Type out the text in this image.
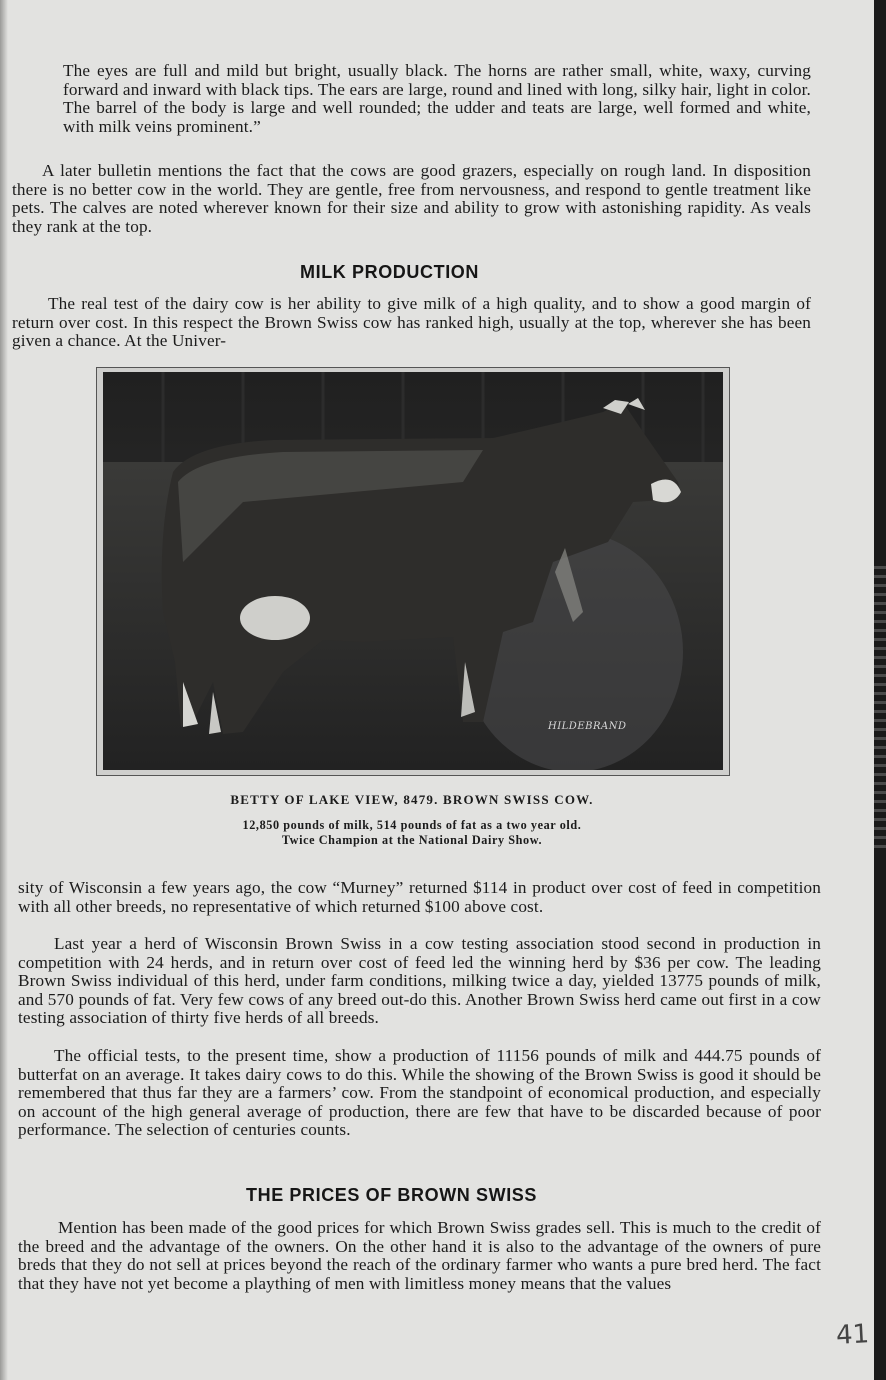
The eyes are full and mild but bright, usually black. The horns are rather small, white, waxy, curving forward and inward with black tips. The ears are large, round and lined with long, silky hair, light in color. The barrel of the body is large and well rounded; the udder and teats are large, well formed and white, with milk veins prominent.”

A later bulletin mentions the fact that the cows are good grazers, especially on rough land. In disposition there is no better cow in the world. They are gentle, free from nervousness, and respond to gentle treatment like pets. The calves are noted wherever known for their size and ability to grow with astonishing rapidity. As veals they rank at the top.

MILK PRODUCTION

The real test of the dairy cow is her ability to give milk of a high quality, and to show a good margin of return over cost. In this respect the Brown Swiss cow has ranked high, usually at the top, wherever she has been given a chance. At the Univer-

HILDEBRAND

BETTY OF LAKE VIEW, 8479. BROWN SWISS COW.

12,850 pounds of milk, 514 pounds of fat as a two year old.

Twice Champion at the National Dairy Show.

sity of Wisconsin a few years ago, the cow “Murney” returned $114 in product over cost of feed in competition with all other breeds, no representative of which returned $100 above cost.

Last year a herd of Wisconsin Brown Swiss in a cow testing association stood second in production in competition with 24 herds, and in return over cost of feed led the winning herd by $36 per cow. The leading Brown Swiss individual of this herd, under farm conditions, milking twice a day, yielded 13775 pounds of milk, and 570 pounds of fat. Very few cows of any breed out-do this. Another Brown Swiss herd came out first in a cow testing association of thirty five herds of all breeds.

The official tests, to the present time, show a production of 11156 pounds of milk and 444.75 pounds of butterfat on an average. It takes dairy cows to do this. While the showing of the Brown Swiss is good it should be remembered that thus far they are a farmers’ cow. From the standpoint of economical production, and especially on account of the high general average of production, there are few that have to be discarded because of poor performance. The selection of centuries counts.

THE PRICES OF BROWN SWISS

Mention has been made of the good prices for which Brown Swiss grades sell. This is much to the credit of the breed and the advantage of the owners. On the other hand it is also to the advantage of the owners of pure breds that they do not sell at prices beyond the reach of the ordinary farmer who wants a pure bred herd. The fact that they have not yet become a plaything of men with limitless money means that the values

41
